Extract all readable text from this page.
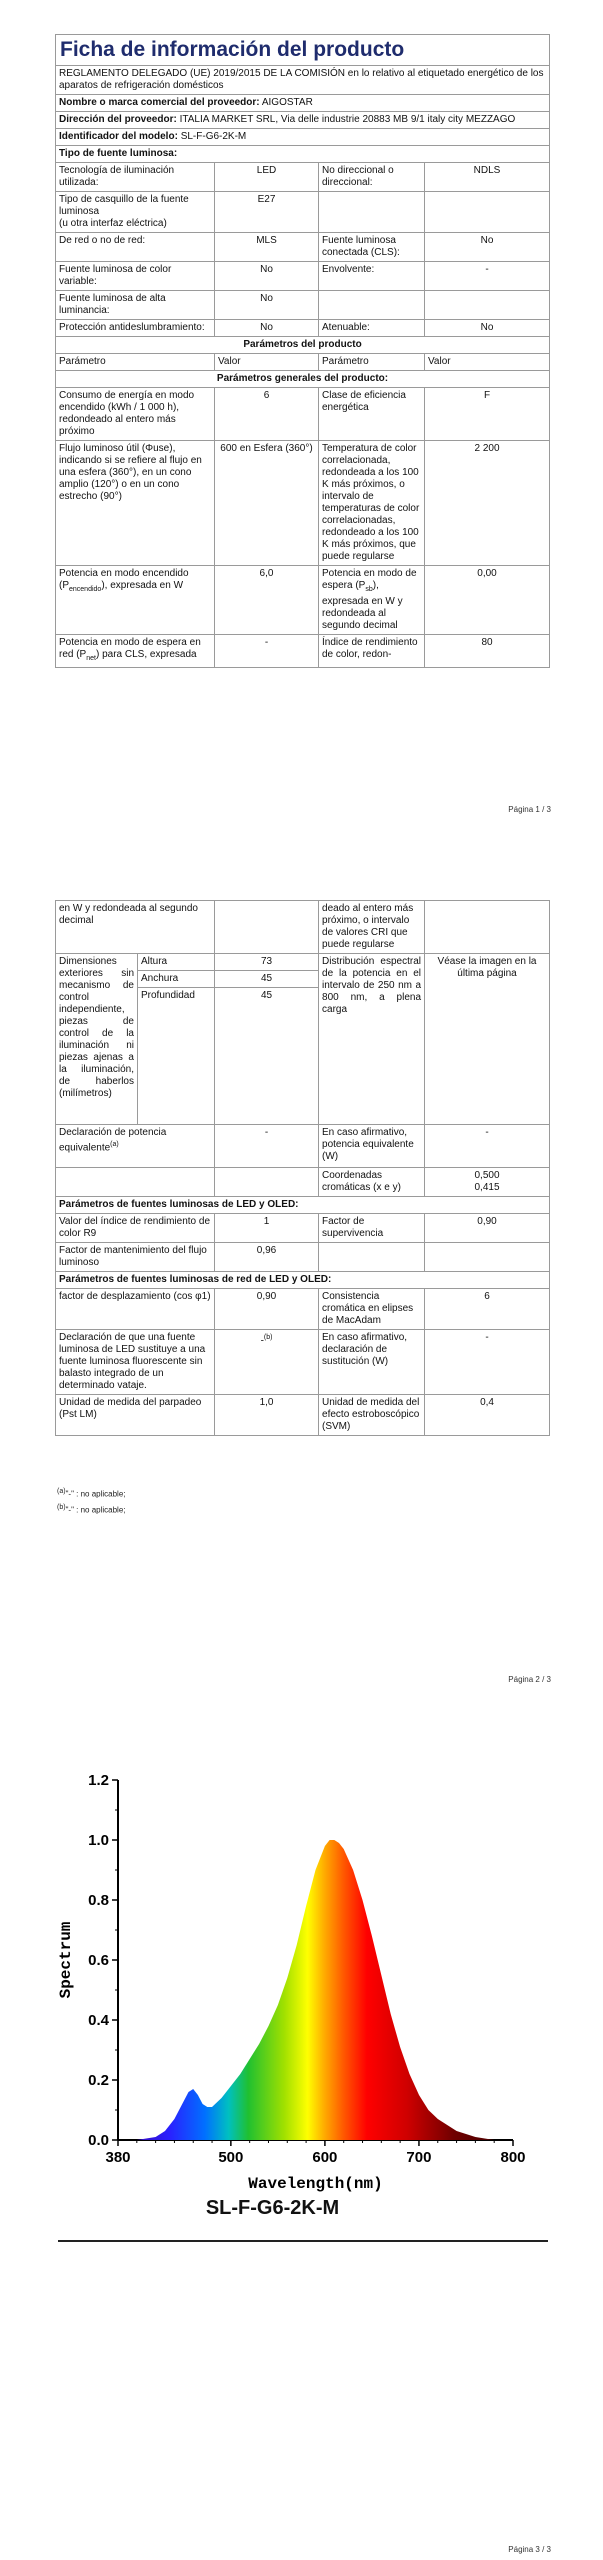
Ficha de información del producto			
REGLAMENTO DELEGADO (UE) 2019/2015 DE LA COMISIÓN en lo relativo al etiquetado energético de los aparatos de refrigeración domésticos			
Nombre o marca comercial del proveedor: AIGOSTAR			
Dirección del proveedor: ITALIA MARKET SRL, Via delle industrie 20883 MB 9/1 italy city MEZZAGO			
Identificador del modelo: SL-F-G6-2K-M			
Tipo de fuente luminosa:			
Tecnología de iluminación utilizada:	LED	No direccional o direccional:	NDLS

Tipo de casquillo de la fuente luminosa
(u otra interfaz eléctrica)	E27		
De red o no de red:	MLS	Fuente luminosa conectada (CLS):	No
Fuente luminosa de color variable:	No	Envolvente:	-
Fuente luminosa de alta luminancia:	No		
Protección antideslumbramiento:	No	Atenuable:	No
Parámetros del producto			
Parámetro	Valor	Parámetro	Valor
Parámetros generales del producto:			
Consumo de energía en modo encendido (kWh / 1 000 h), redondeado al entero más próximo	6	Clase de eficiencia energética	F
Flujo luminoso útil (Φuse), indicando si se refiere al flujo en una esfera (360°), en un cono amplio (120°) o en un cono estrecho (90°)	600 en Esfera (360°)	Temperatura de color correlacionada, redondeada a los 100 K más próximos, o intervalo de temperaturas de color correlacionadas, redondeado a los 100 K más próximos, que puede regularse	2 200
Potencia en modo encendido $(P_{encendido})$, expresada en W	6,0	Potencia en modo de espera $(P_{sb})$, expresada en W y redondeada al segundo decimal	0,00
Potencia en modo de espera en red $(P_{net})$ para CLS, expresada	-	Índice de rendimiento de color, redon-	80
Página 1 / 3
en W y redondeada al segundo decimal			deado al entero más próximo, o intervalo de valores CRI que puede regularse	
Dimensiones exteriores sin mecanismo de control independiente, piezas de control de la iluminación ni piezas ajenas a la iluminación, de haberlos (milímetros)	Altura	73	Distribución espectral de la potencia en el intervalo de 250 nm a 800 nm, a plena carga	Véase la imagen en la última página
	Anchura	45		
	Profundidad	45		
Declaración de potencia equivalente$^{(a)}$		-	En caso afirmativo, potencia equivalente (W)	-
			Coordenadas cromáticas (x e y)	0,500
0,415

Parámetros de fuentes luminosas de LED y OLED:				
Valor del índice de rendimiento de color R9		1	Factor de supervivencia	0,90
Factor de mantenimiento del flujo luminoso		0,96		
Parámetros de fuentes luminosas de red de LED y OLED:				
factor de desplazamiento (cos φ1)		0,90	Consistencia cromática en elipses de MacAdam	6
Declaración de que una fuente luminosa de LED sustituye a una fuente luminosa fluorescente sin balasto integrado de un determinado vataje.		-$^{(b)}$	En caso afirmativo, declaración de sustitución (W)	-
Unidad de medida del parpadeo (Pst LM)		1,0	Unidad de medida del efecto estroboscópico (SVM)	0,4
$^{(a)}$"-" : no aplicable;
$^{(b)}$"-" : no aplicable;
Página 2 / 3
380	500	600	700	800
0.0
0.2
0.4
0.6
0.8
1.0
1.2
Wavelength(nm)
Spectrum
SL-F-G6-2K-M
Página 3 / 3
